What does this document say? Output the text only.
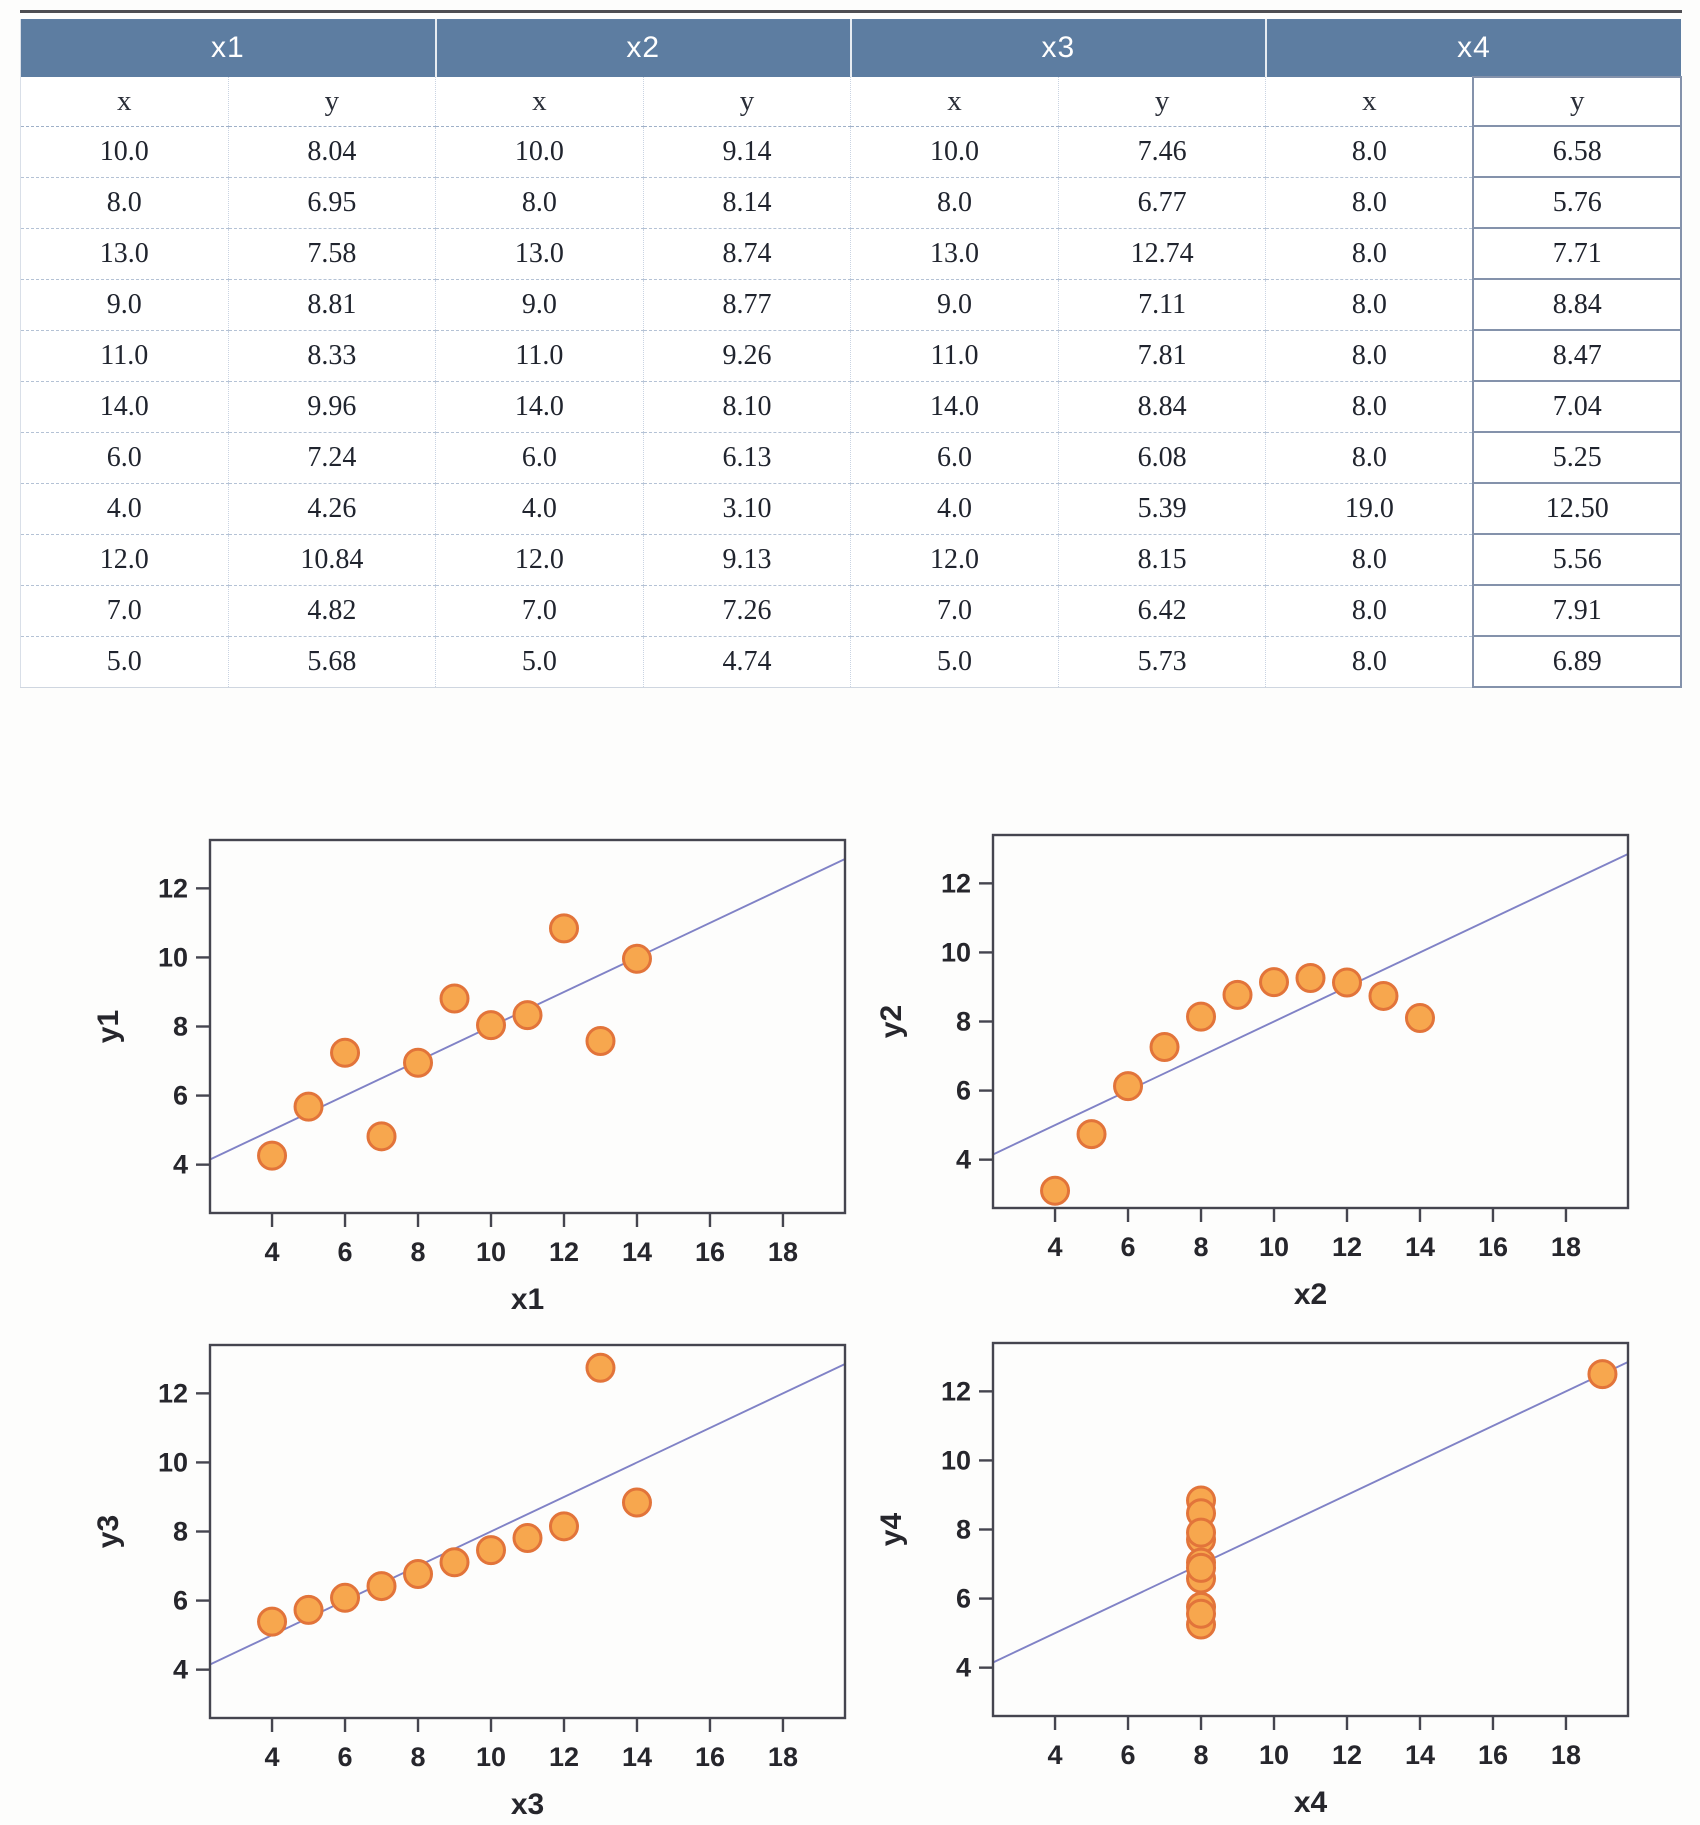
x1		x2		x3		x4	
x	y	x	y	x	y	x	y
10.0	8.04	10.0	9.14	10.0	7.46	8.0	6.58
8.0	6.95	8.0	8.14	8.0	6.77	8.0	5.76
13.0	7.58	13.0	8.74	13.0	12.74	8.0	7.71
9.0	8.81	9.0	8.77	9.0	7.11	8.0	8.84
11.0	8.33	11.0	9.26	11.0	7.81	8.0	8.47
14.0	9.96	14.0	8.10	14.0	8.84	8.0	7.04
6.0	7.24	6.0	6.13	6.0	6.08	8.0	5.25
4.0	4.26	4.0	3.10	4.0	5.39	19.0	12.50
12.0	10.84	12.0	9.13	12.0	8.15	8.0	5.56
7.0	4.82	7.0	7.26	7.0	6.42	8.0	7.91
5.0	5.68	5.0	4.74	5.0	5.73	8.0	6.89
4 6 8 10 12 14 16 18
4
6
8
10
12
x1
y1
4 6 8 10 12 14 16 18
4
6
8
10
12
x2
y2
4 6 8 10 12 14 16 18
4
6
8
10
12
x3
y3
4 6 8 10 12 14 16 18
4
6
8
10
12
x4
y4
